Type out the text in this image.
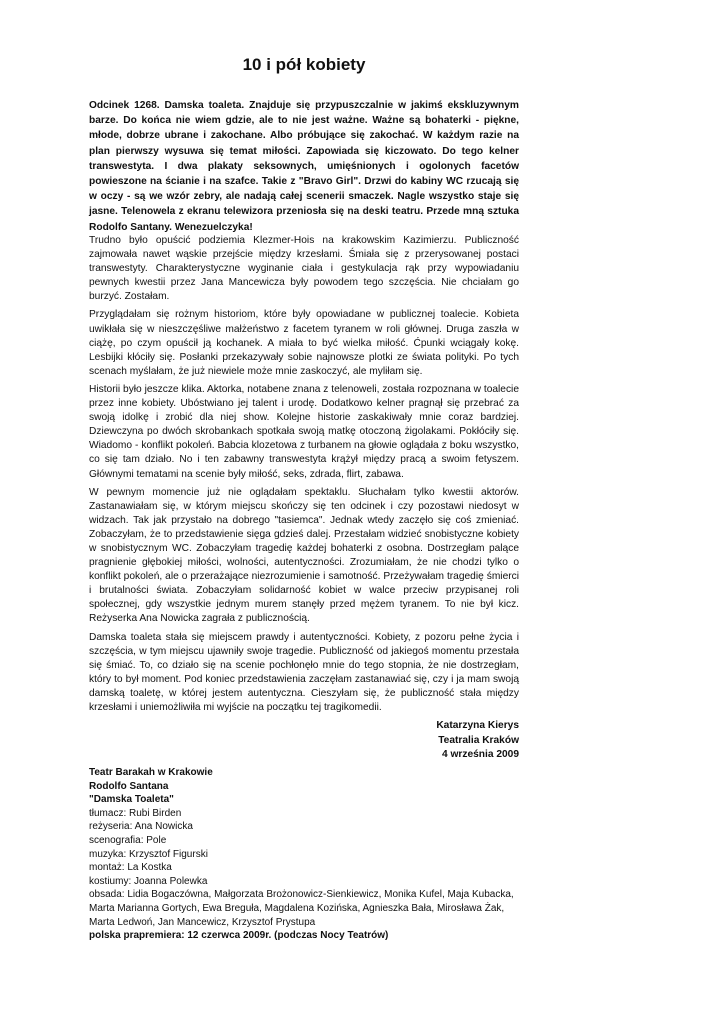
10 i pół kobiety

Odcinek 1268. Damska toaleta. Znajduje się przypuszczalnie w jakimś ekskluzywnym barze. Do końca nie wiem gdzie, ale to nie jest ważne. Ważne są bohaterki - piękne, młode, dobrze ubrane i zakochane. Albo próbujące się zakochać. W każdym razie na plan pierwszy wysuwa się temat miłości. Zapowiada się kiczowato. Do tego kelner transwestyta. I dwa plakaty seksownych, umięśnionych i ogolonych facetów powieszone na ścianie i na szafce. Takie z "Bravo Girl". Drzwi do kabiny WC rzucają się w oczy - są we wzór zebry, ale nadają całej scenerii smaczek. Nagle wszystko staje się jasne. Telenowela z ekranu telewizora przeniosła się na deski teatru. Przede mną sztuka Rodolfo Santany. Wenezuelczyka!

Trudno było opuścić podziemia Klezmer-Hois na krakowskim Kazimierzu. Publiczność zajmowała nawet wąskie przejście między krzesłami. Śmiała się z przerysowanej postaci transwestyty. Charakterystyczne wyginanie ciała i gestykulacja rąk przy wypowiadaniu pewnych kwestii przez Jana Mancewicza były powodem tego szczęścia. Nie chciałam go burzyć. Zostałam.

Przyglądałam się rożnym historiom, które były opowiadane w publicznej toalecie. Kobieta uwikłała się w nieszczęśliwe małżeństwo z facetem tyranem w roli głównej. Druga zaszła w ciążę, po czym opuścił ją kochanek. A miała to być wielka miłość. Ćpunki wciągały kokę. Lesbijki kłóciły się. Posłanki przekazywały sobie najnowsze plotki ze świata polityki. Po tych scenach myślałam, że już niewiele może mnie zaskoczyć, ale myliłam się.

Historii było jeszcze klika. Aktorka, notabene znana z telenoweli, została rozpoznana w toalecie przez inne kobiety. Ubóstwiano jej talent i urodę. Dodatkowo kelner pragnął się przebrać za swoją idolkę i zrobić dla niej show. Kolejne historie zaskakiwały mnie coraz bardziej. Dziewczyna po dwóch skrobankach spotkała swoją matkę otoczoną żigolakami. Pokłóciły się. Wiadomo - konflikt pokoleń. Babcia klozetowa z turbanem na głowie oglądała z boku wszystko, co się tam działo. No i ten zabawny transwestyta krążył między pracą a swoim fetyszem. Głównymi tematami na scenie były miłość, seks, zdrada, flirt, zabawa.

W pewnym momencie już nie oglądałam spektaklu. Słuchałam tylko kwestii aktorów. Zastanawiałam się, w którym miejscu skończy się ten odcinek i czy pozostawi niedosyt w widzach. Tak jak przystało na dobrego "tasiemca". Jednak wtedy zaczęło się coś zmieniać. Zobaczyłam, że to przedstawienie sięga gdzieś dalej. Przestałam widzieć snobistyczne kobiety w snobistycznym WC. Zobaczyłam tragedię każdej bohaterki z osobna. Dostrzegłam palące pragnienie głębokiej miłości, wolności, autentyczności. Zrozumiałam, że nie chodzi tylko o konflikt pokoleń, ale o przerażające niezrozumienie i samotność. Przeżywałam tragedię śmierci i brutalności świata. Zobaczyłam solidarność kobiet w walce przeciw przypisanej roli społecznej, gdy wszystkie jednym murem stanęły przed mężem tyranem. To nie był kicz. Reżyserka Ana Nowicka zagrała z publicznością.

Damska toaleta stała się miejscem prawdy i autentyczności. Kobiety, z pozoru pełne życia i szczęścia, w tym miejscu ujawniły swoje tragedie. Publiczność od jakiegoś momentu przestała się śmiać. To, co działo się na scenie pochłonęło mnie do tego stopnia, że nie dostrzegłam, który to był moment. Pod koniec przedstawienia zaczęłam zastanawiać się, czy i ja mam swoją damską toaletę, w której jestem autentyczna. Cieszyłam się, że publiczność stała między krzesłami i uniemożliwiła mi wyjście na początku tej tragikomedii.

Katarzyna Kierys
Teatralia Kraków
4 września 2009
Teatr Barakah w Krakowie
Rodolfo Santana
"Damska Toaleta"
tłumacz: Rubi Birden
reżyseria: Ana Nowicka
scenografia: Pole
muzyka: Krzysztof Figurski
montaż: La Kostka
kostiumy: Joanna Polewka
obsada: Lidia Bogaczówna, Małgorzata Brożonowicz-Sienkiewicz, Monika Kufel, Maja Kubacka, Marta Marianna Gortych, Ewa Breguła, Magdalena Kozińska, Agnieszka Bała, Mirosława Żak, Marta Ledwoń, Jan Mancewicz, Krzysztof Prystupa
polska prapremiera: 12 czerwca 2009r. (podczas Nocy Teatrów)
